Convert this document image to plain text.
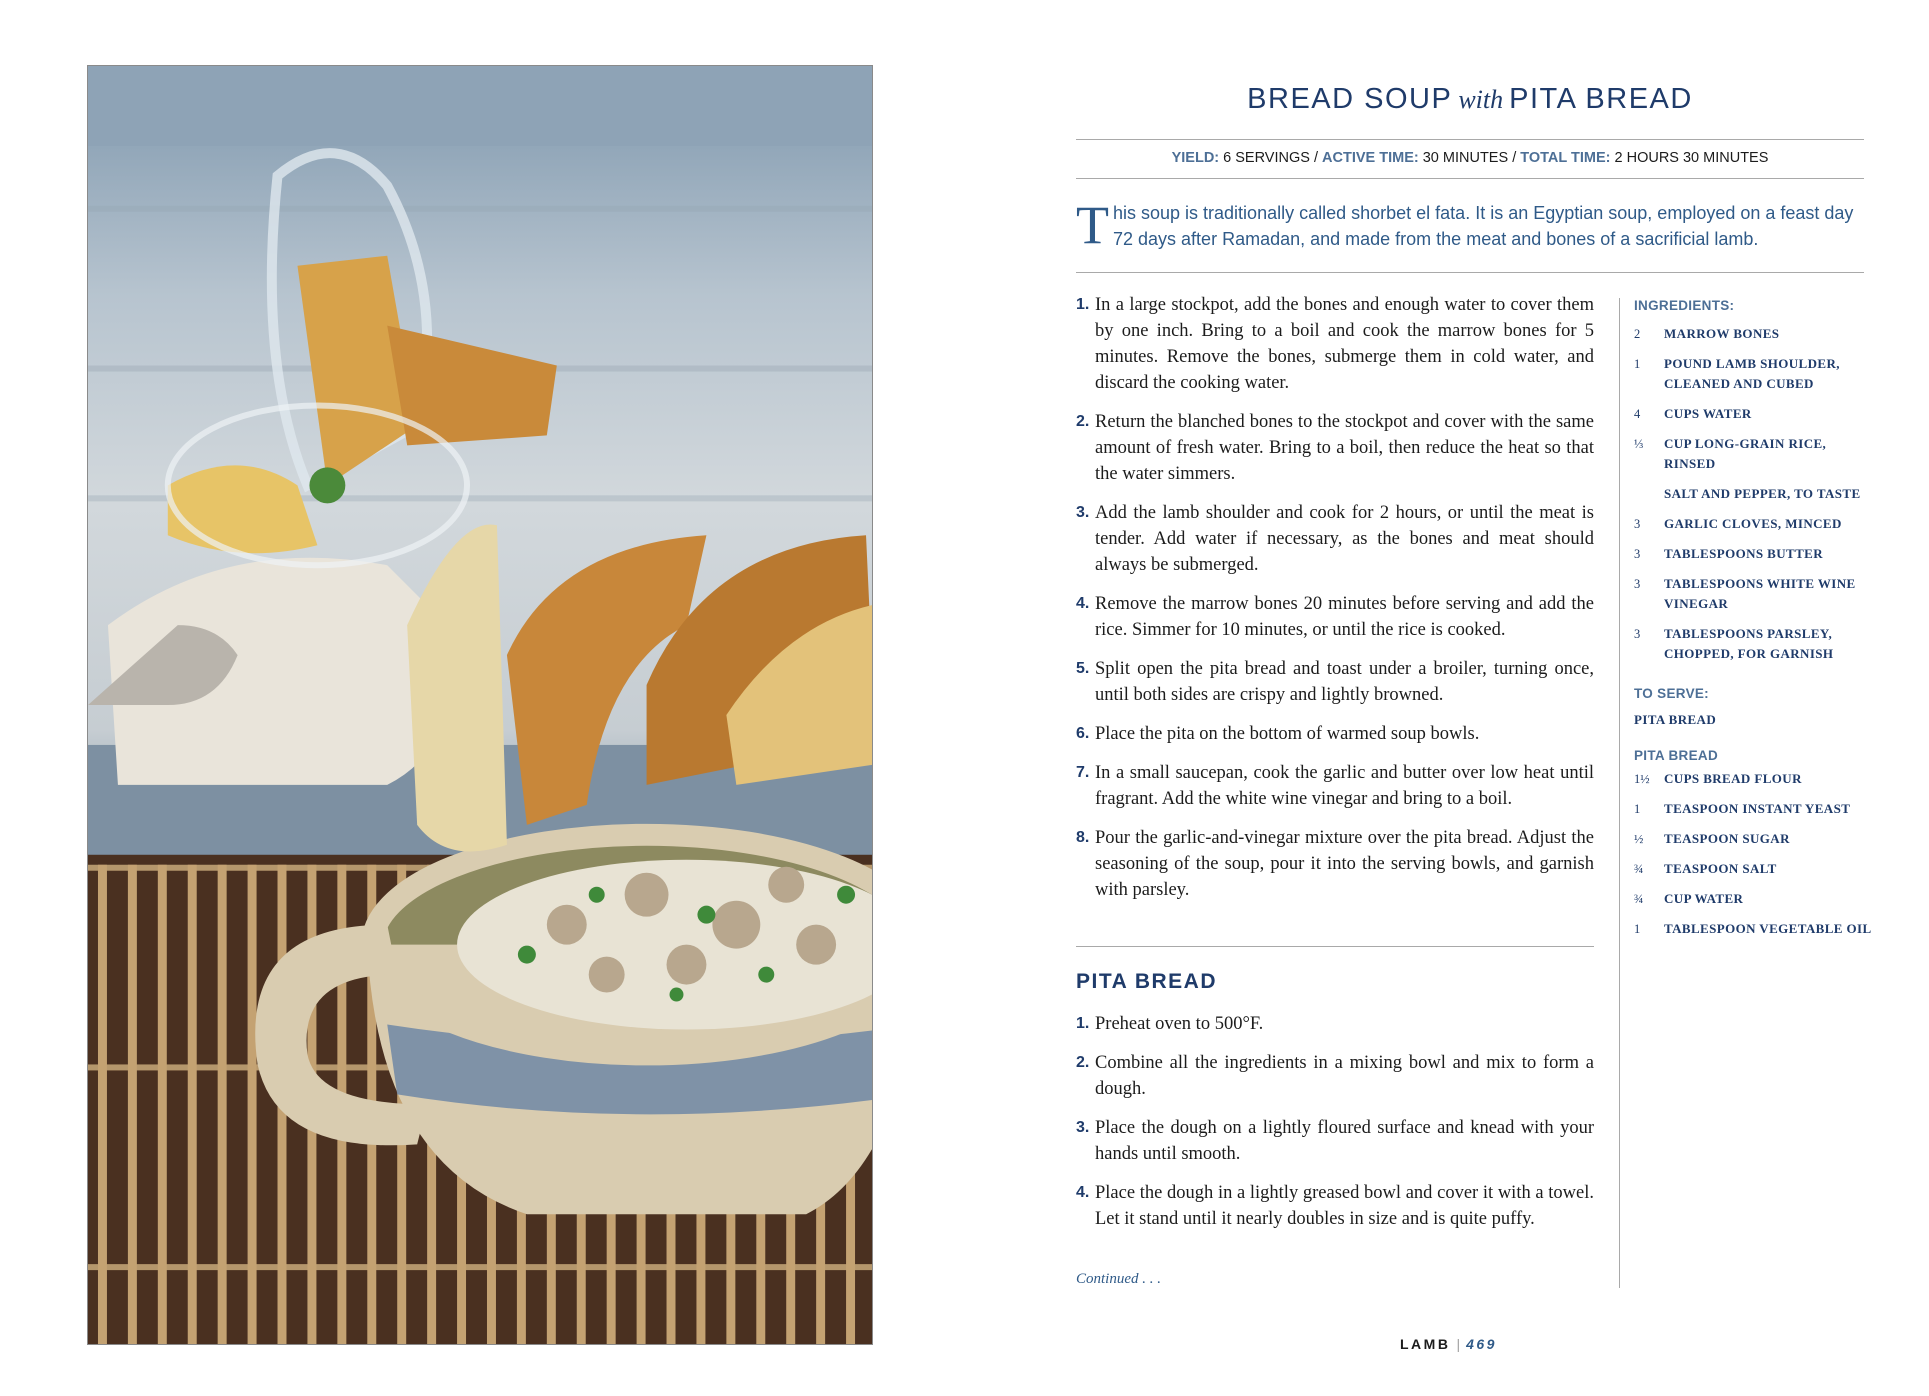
BREAD SOUP with PITA BREAD
YIELD: 6 SERVINGS / ACTIVE TIME: 30 MINUTES / TOTAL TIME: 2 HOURS 30 MINUTES

This soup is traditionally called shorbet el fata. It is an Egyptian soup, employed on a feast day 72 days after Ramadan, and made from the meat and bones of a sacrificial lamb.

1. In a large stockpot, add the bones and enough water to cover them by one inch. Bring to a boil and cook the marrow bones for 5 minutes. Remove the bones, submerge them in cold water, and discard the cooking water.
2. Return the blanched bones to the stockpot and cover with the same amount of fresh water. Bring to a boil, then reduce the heat so that the water simmers.
3. Add the lamb shoulder and cook for 2 hours, or until the meat is tender. Add water if necessary, as the bones and meat should always be submerged.
4. Remove the marrow bones 20 minutes before serving and add the rice. Simmer for 10 minutes, or until the rice is cooked.
5. Split open the pita bread and toast under a broiler, turning once, until both sides are crispy and lightly browned.
6. Place the pita on the bottom of warmed soup bowls.
7. In a small saucepan, cook the garlic and butter over low heat until fragrant. Add the white wine vinegar and bring to a boil.
8. Pour the garlic-and-vinegar mixture over the pita bread. Adjust the seasoning of the soup, pour it into the serving bowls, and garnish with parsley.
PITA BREAD
1. Preheat oven to 500°F.
2. Combine all the ingredients in a mixing bowl and mix to form a dough.
3. Place the dough on a lightly floured surface and knead with your hands until smooth.
4. Place the dough in a lightly greased bowl and cover it with a towel. Let it stand until it nearly doubles in size and is quite puffy.
Continued . . .
INGREDIENTS:
2	MARROW BONES
1	POUND LAMB SHOULDER, CLEANED AND CUBED
4	CUPS WATER
⅓	CUP LONG-GRAIN RICE, RINSED
SALT AND PEPPER, TO TASTE
3	GARLIC CLOVES, MINCED
3	TABLESPOONS BUTTER
3	TABLESPOONS WHITE WINE VINEGAR
3	TABLESPOONS PARSLEY, CHOPPED, FOR GARNISH
TO SERVE:
PITA BREAD
PITA BREAD
1½	CUPS BREAD FLOUR
1	TEASPOON INSTANT YEAST
½	TEASPOON SUGAR
¾	TEASPOON SALT
¾	CUP WATER
1	TABLESPOON VEGETABLE OIL
LAMB | 469
